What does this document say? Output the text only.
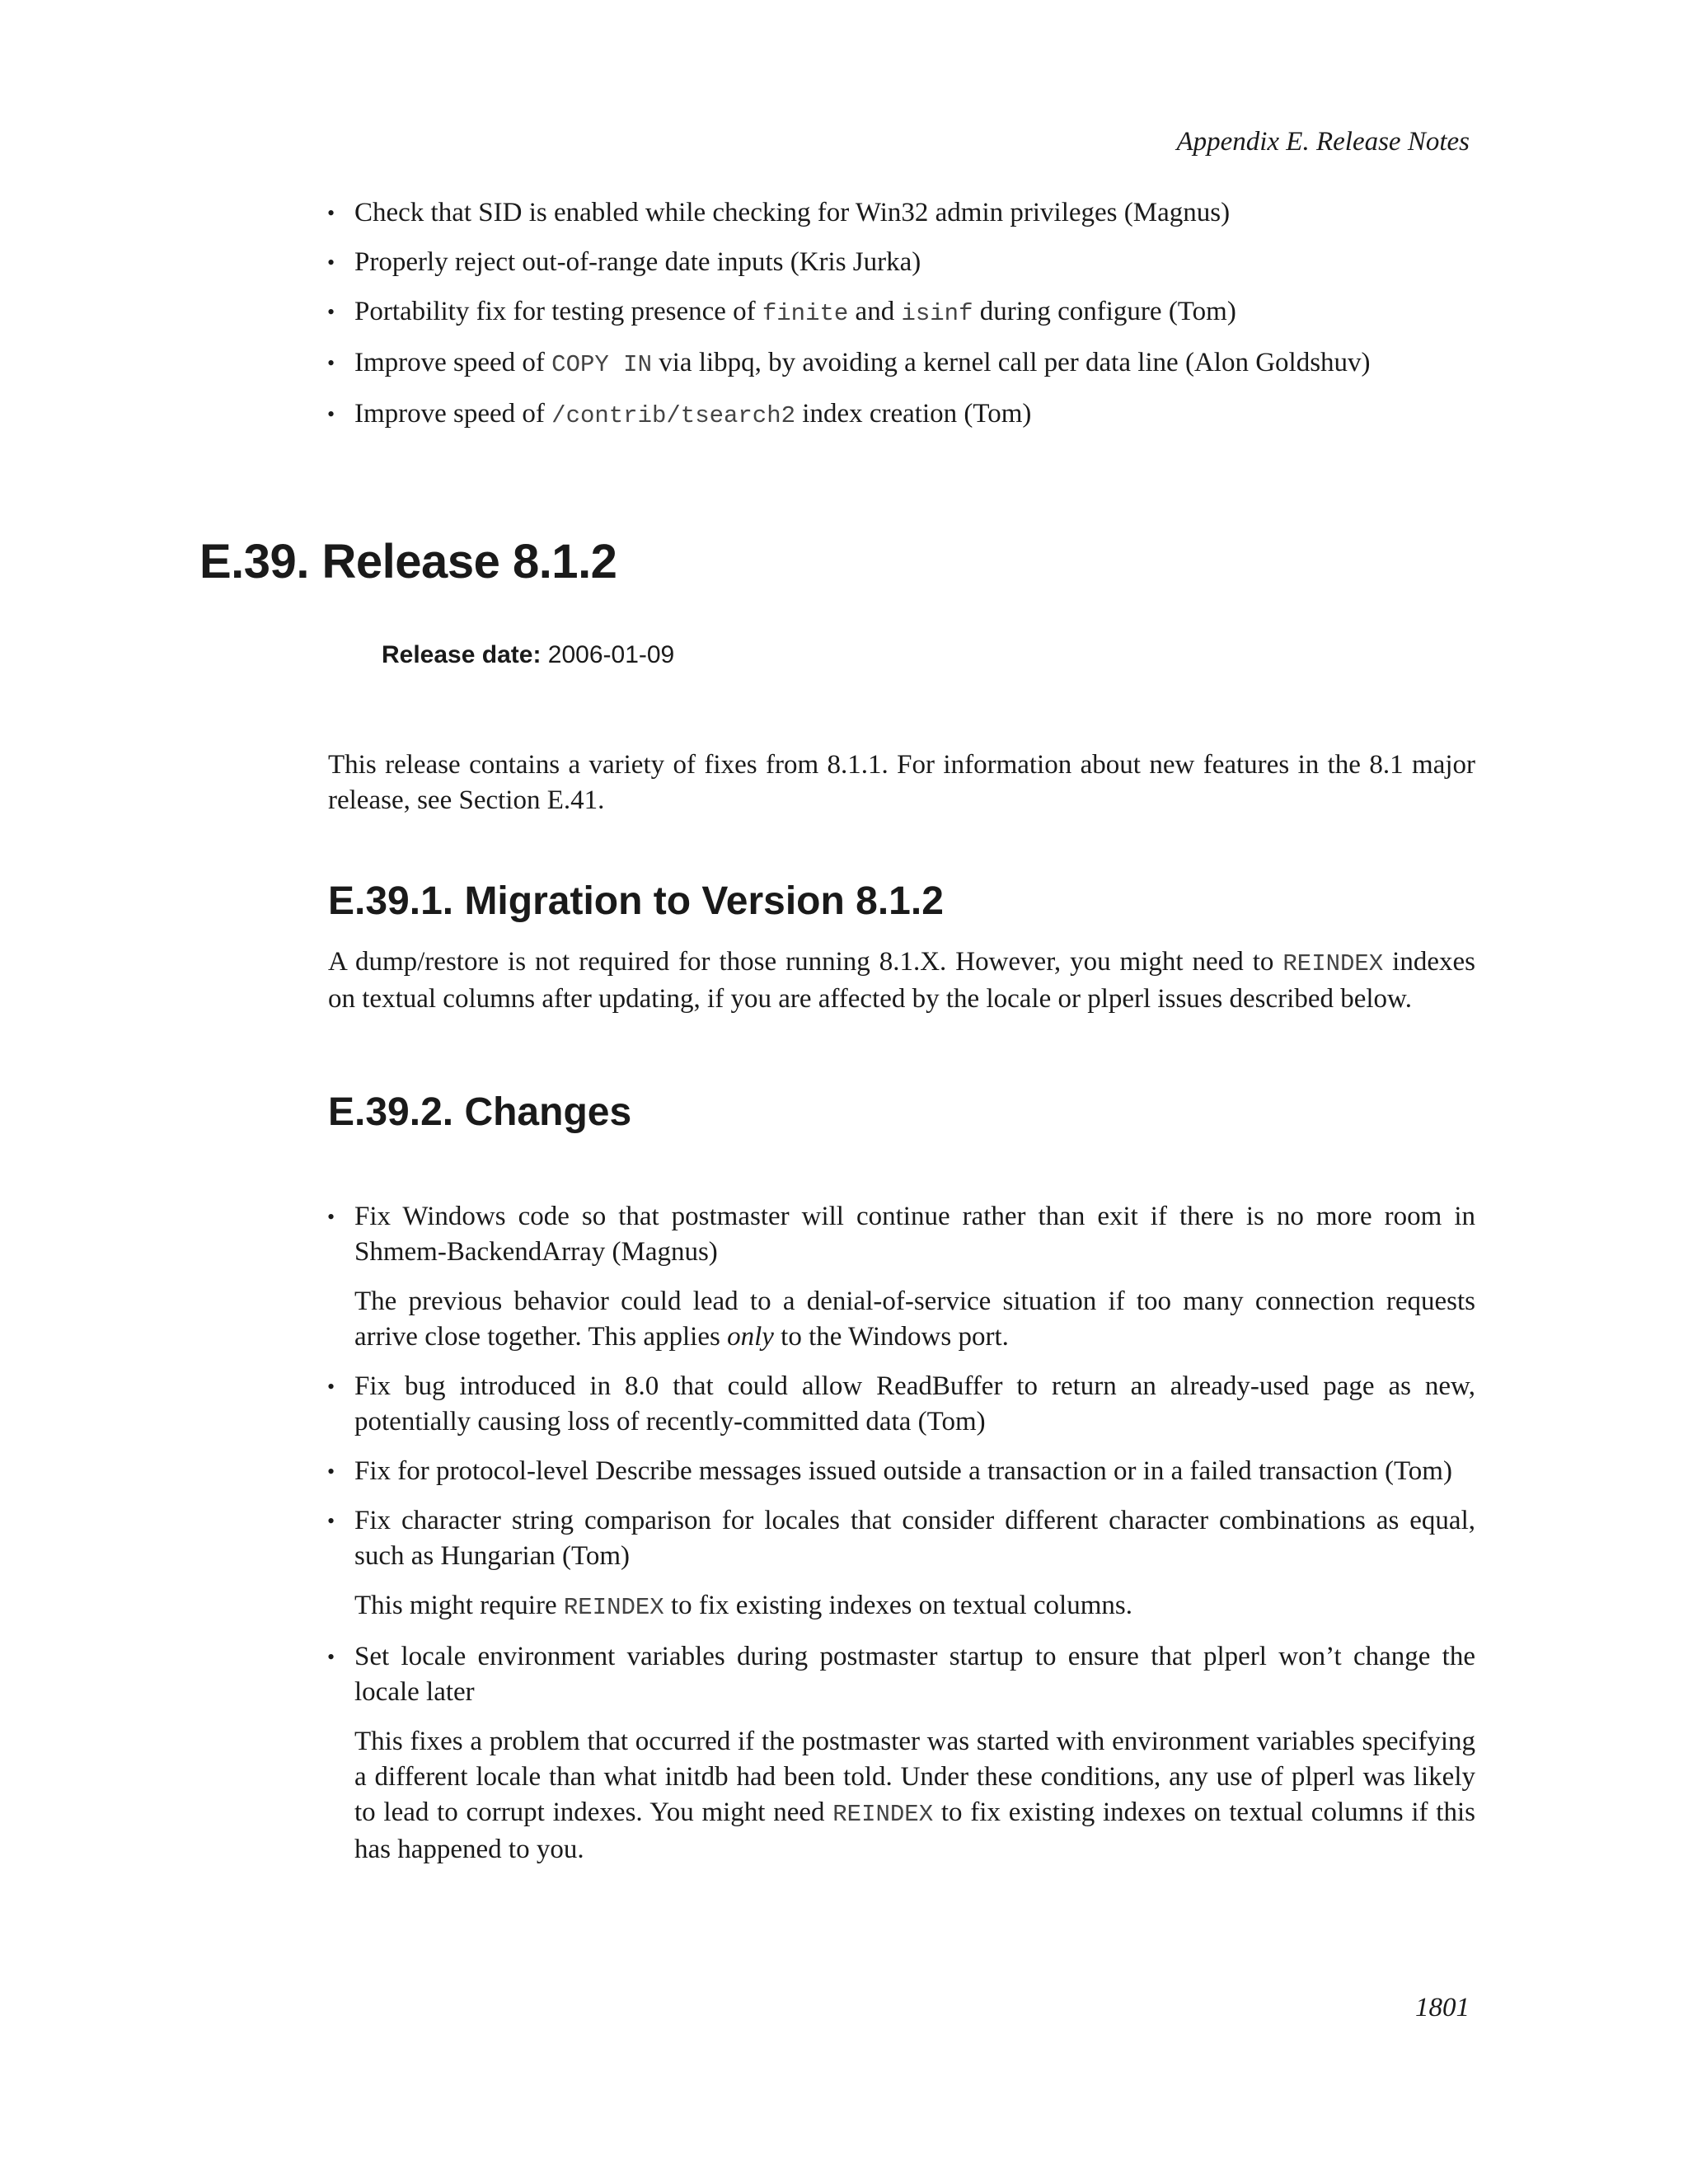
Appendix E. Release Notes
• Check that SID is enabled while checking for Win32 admin privileges (Magnus)
• Properly reject out-of-range date inputs (Kris Jurka)
• Portability fix for testing presence of finite and isinf during configure (Tom)
• Improve speed of COPY IN via libpq, by avoiding a kernel call per data line (Alon Goldshuv)
• Improve speed of /contrib/tsearch2 index creation (Tom)
E.39. Release 8.1.2
Release date: 2006-01-09

This release contains a variety of fixes from 8.1.1. For information about new features in the 8.1 major release, see Section E.41.

E.39.1. Migration to Version 8.1.2

A dump/restore is not required for those running 8.1.X. However, you might need to REINDEX indexes on textual columns after updating, if you are affected by the locale or plperl issues described below.

E.39.2. Changes
• Fix Windows code so that postmaster will continue rather than exit if there is no more room in Shmem-BackendArray (Magnus)

The previous behavior could lead to a denial-of-service situation if too many connection requests arrive close together. This applies only to the Windows port.

• Fix bug introduced in 8.0 that could allow ReadBuffer to return an already-used page as new, potentially causing loss of recently-committed data (Tom)
• Fix for protocol-level Describe messages issued outside a transaction or in a failed transaction (Tom)
• Fix character string comparison for locales that consider different character combinations as equal, such as Hungarian (Tom)

This might require REINDEX to fix existing indexes on textual columns.

• Set locale environment variables during postmaster startup to ensure that plperl won’t change the locale later

This fixes a problem that occurred if the postmaster was started with environment variables specifying a different locale than what initdb had been told. Under these conditions, any use of plperl was likely to lead to corrupt indexes. You might need REINDEX to fix existing indexes on textual columns if this has happened to you.

1801
